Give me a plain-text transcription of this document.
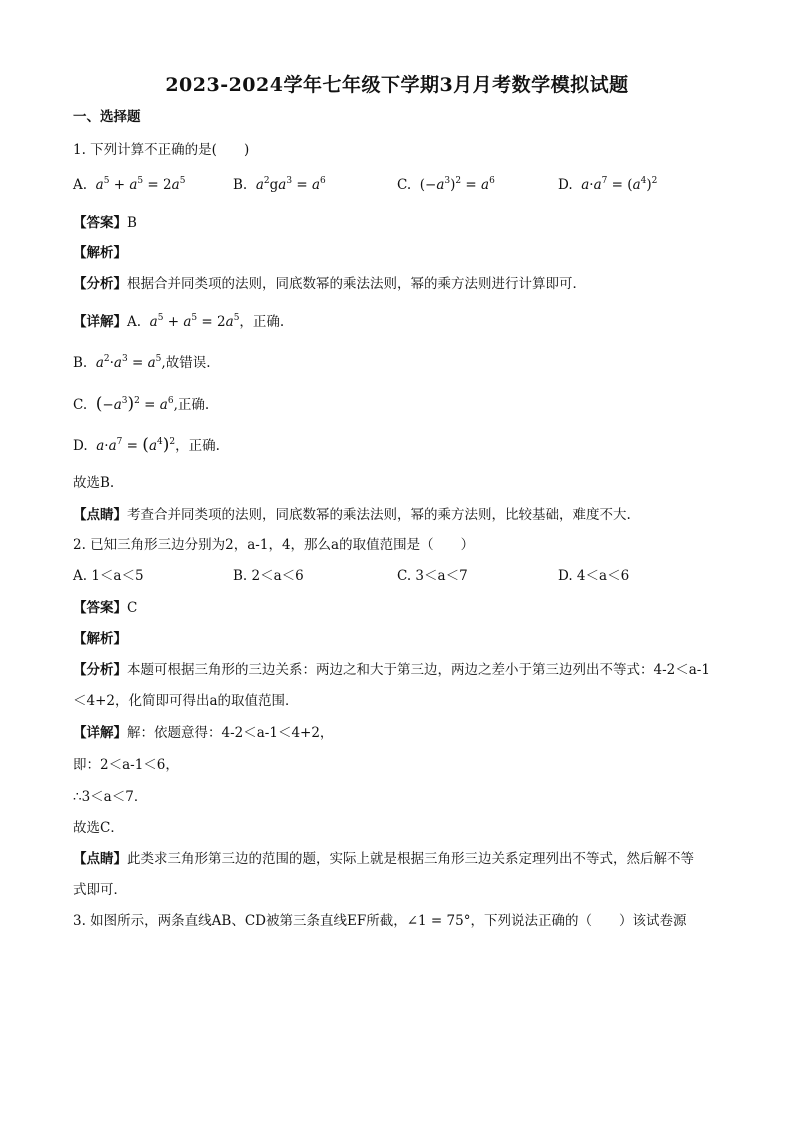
2023-2024学年七年级下学期3月月考数学模拟试题
一、选择题
1. 下列计算不正确的是(　　)
A. $a^5 + a^5 = 2a^5$	B. $a^2ga^3 = a^6$	C. $(-a^3)^2 = a^6$	D. $a\cdot a^7 = (a^4)^2$
【答案】B
【解析】
【分析】根据合并同类项的法则，同底数幂的乘法法则，幂的乘方法则进行计算即可．
【详解】A. $a^5 + a^5 = 2a^5$，正确.
B. $a^2\cdot a^3 = a^5$,故错误.
C. $(-a^3)^2 = a^6$,正确.
D. $a\cdot a^7 = (a^4)^2$，正确.
故选B.
【点睛】考查合并同类项的法则，同底数幂的乘法法则，幂的乘方法则，比较基础，难度不大.
2. 已知三角形三边分别为2，a-1，4，那么a的取值范围是（　　）
A. 1＜a＜5	B. 2＜a＜6	C. 3＜a＜7	D. 4＜a＜6
【答案】C
【解析】
【分析】本题可根据三角形的三边关系：两边之和大于第三边，两边之差小于第三边列出不等式：4-2＜a-1
＜4+2，化简即可得出a的取值范围．
【详解】解：依题意得：4-2＜a-1＜4+2，
即：2＜a-1＜6，
∴3＜a＜7．
故选C．
【点睛】此类求三角形第三边的范围的题，实际上就是根据三角形三边关系定理列出不等式，然后解不等
式即可．
3. 如图所示，两条直线AB、CD被第三条直线EF所截，∠1 = 75°，下列说法正确的（　　）该试卷源
